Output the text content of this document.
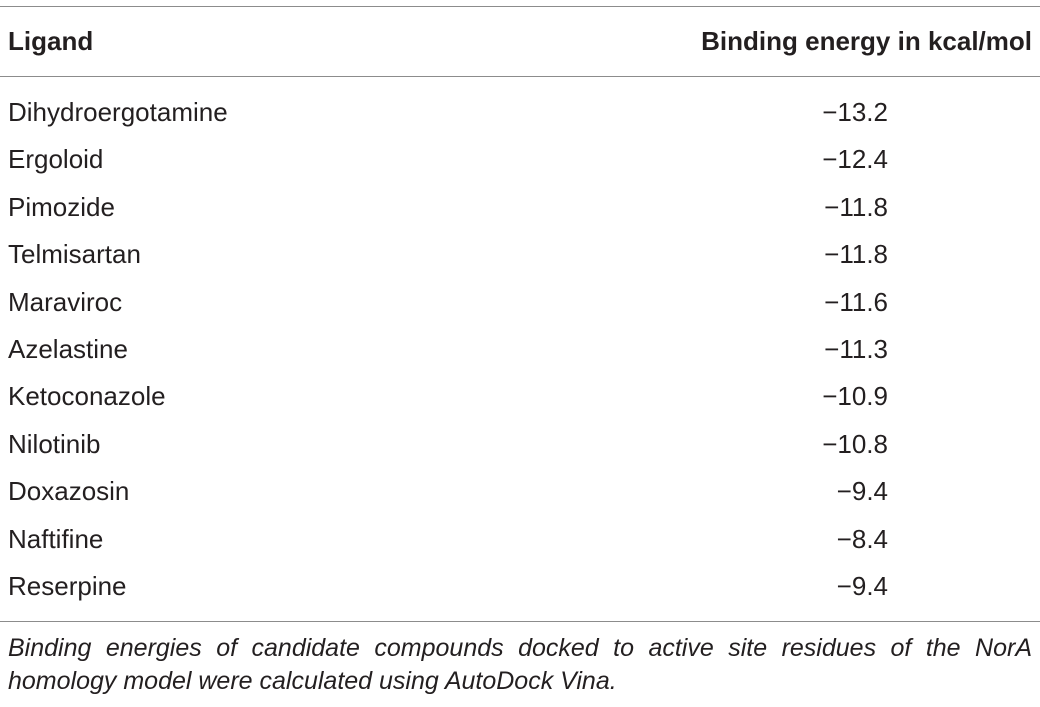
Ligand	Binding energy in kcal/mol
Dihydroergotamine	−13.2
Ergoloid	−12.4
Pimozide	−11.8
Telmisartan	−11.8
Maraviroc	−11.6
Azelastine	−11.3
Ketoconazole	−10.9
Nilotinib	−10.8
Doxazosin	−9.4
Naftifine	−8.4
Reserpine	−9.4

Binding energies of candidate compounds docked to active site residues of the NorA homology model were calculated using AutoDock Vina.
